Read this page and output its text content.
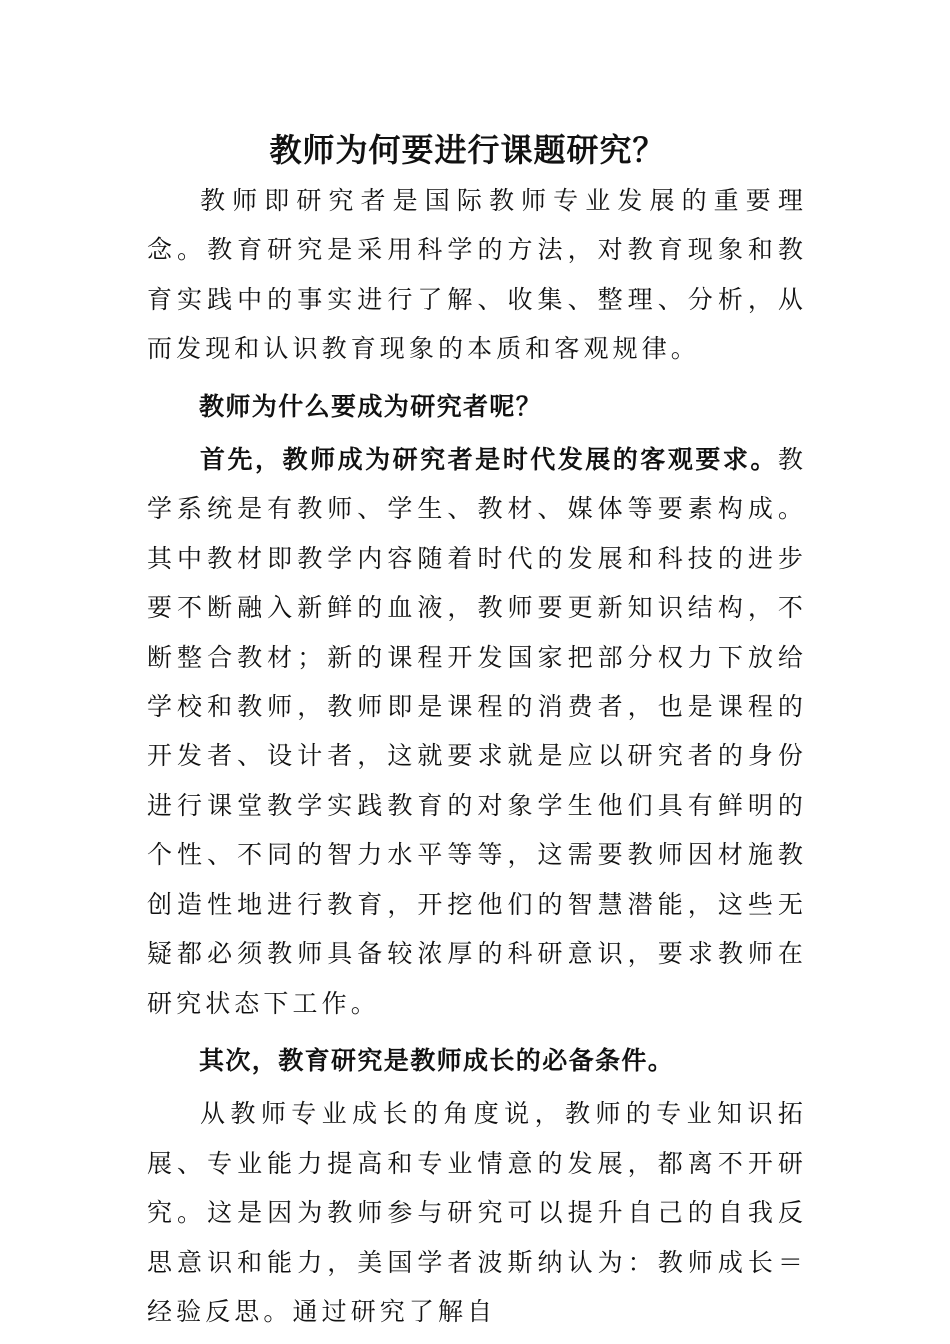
教师为何要进行课题研究？

教师即研究者是国际教师专业发展的重要理念。教育研究是采用科学的方法，对教育现象和教育实践中的事实进行了解、收集、整理、分析，从而发现和认识教育现象的本质和客观规律。

教师为什么要成为研究者呢？

首先，教师成为研究者是时代发展的客观要求。教学系统是有教师、学生、教材、媒体等要素构成。其中教材即教学内容随着时代的发展和科技的进步要不断融入新鲜的血液，教师要更新知识结构，不断整合教材；新的课程开发国家把部分权力下放给学校和教师，教师即是课程的消费者，也是课程的开发者、设计者，这就要求就是应以研究者的身份进行课堂教学实践教育的对象学生他们具有鲜明的个性、不同的智力水平等等，这需要教师因材施教创造性地进行教育，开挖他们的智慧潜能，这些无疑都必须教师具备较浓厚的科研意识，要求教师在研究状态下工作。

其次，教育研究是教师成长的必备条件。

从教师专业成长的角度说，教师的专业知识拓展、专业能力提高和专业情意的发展，都离不开研究。这是因为教师参与研究可以提升自己的自我反思意识和能力，美国学者波斯纳认为：教师成长＝经验反思。通过研究了解自
